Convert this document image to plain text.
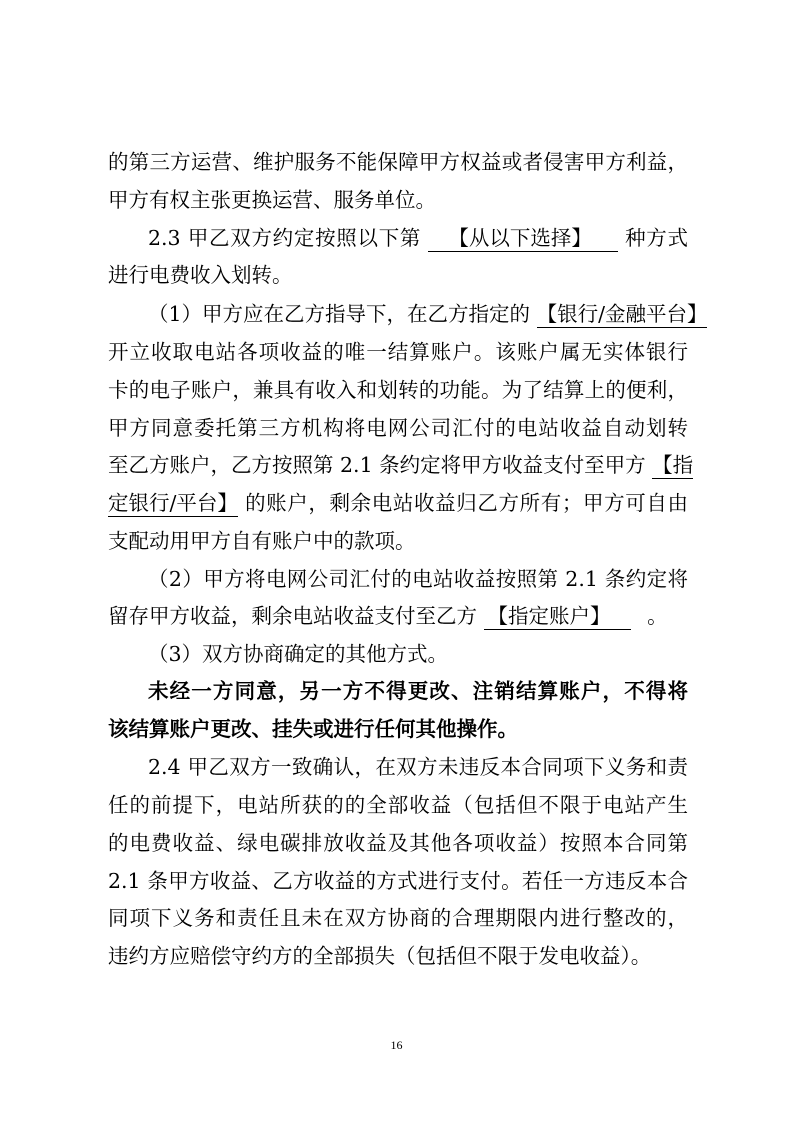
的第三方运营、维护服务不能保障甲方权益或者侵害甲方利益，
甲方有权主张更换运营、服务单位。
2.3 甲乙双方约定按照以下第 【从以下选择】 种方式
进行电费收入划转。
（1）甲方应在乙方指导下，在乙方指定的 【银行/金融平台】
开立收取电站各项收益的唯一结算账户。该账户属无实体银行
卡的电子账户，兼具有收入和划转的功能。为了结算上的便利，
甲方同意委托第三方机构将电网公司汇付的电站收益自动划转
至乙方账户，乙方按照第 2.1 条约定将甲方收益支付至甲方 【指
定银行/平台】 的账户，剩余电站收益归乙方所有；甲方可自由
支配动用甲方自有账户中的款项。
（2）甲方将电网公司汇付的电站收益按照第 2.1 条约定将
留存甲方收益，剩余电站收益支付至乙方 【指定账户】 。
（3）双方协商确定的其他方式。
未经一方同意，另一方不得更改、注销结算账户，不得将
该结算账户更改、挂失或进行任何其他操作。
2.4 甲乙双方一致确认，在双方未违反本合同项下义务和责
任的前提下，电站所获的的全部收益（包括但不限于电站产生
的电费收益、绿电碳排放收益及其他各项收益）按照本合同第
2.1 条甲方收益、乙方收益的方式进行支付。若任一方违反本合
同项下义务和责任且未在双方协商的合理期限内进行整改的，
违约方应赔偿守约方的全部损失（包括但不限于发电收益）。
16
